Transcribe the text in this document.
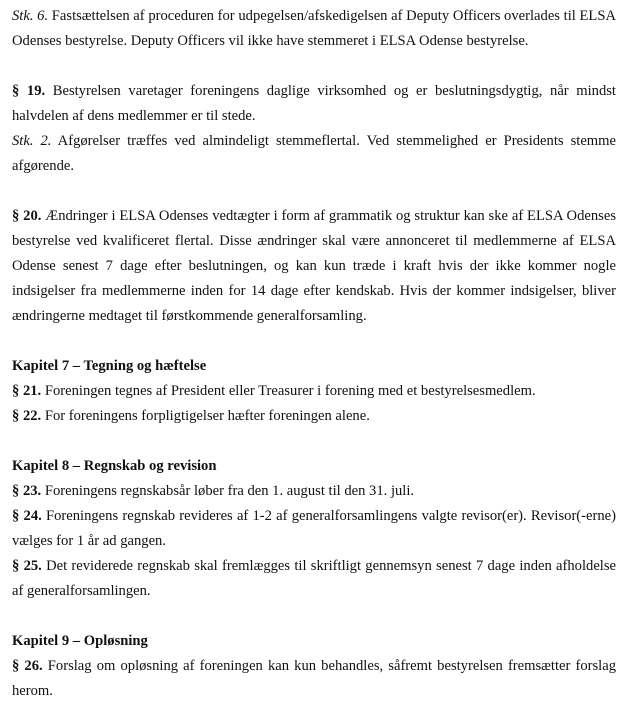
Stk. 6. Fastsættelsen af proceduren for udpegelsen/afskedigelsen af Deputy Officers overlades til ELSA Odenses bestyrelse. Deputy Officers vil ikke have stemmeret i ELSA Odense bestyrelse.

§ 19. Bestyrelsen varetager foreningens daglige virksomhed og er beslutningsdygtig, når mindst halvdelen af dens medlemmer er til stede.

Stk. 2. Afgørelser træffes ved almindeligt stemmeflertal. Ved stemmelighed er Presidents stemme afgørende.

§ 20. Ændringer i ELSA Odenses vedtægter i form af grammatik og struktur kan ske af ELSA Odenses bestyrelse ved kvalificeret flertal. Disse ændringer skal være annonceret til medlemmerne af ELSA Odense senest 7 dage efter beslutningen, og kan kun træde i kraft hvis der ikke kommer nogle indsigelser fra medlemmerne inden for 14 dage efter kendskab. Hvis der kommer indsigelser, bliver ændringerne medtaget til førstkommende generalforsamling.

Kapitel 7 – Tegning og hæftelse

§ 21. Foreningen tegnes af President eller Treasurer i forening med et bestyrelsesmedlem.

§ 22. For foreningens forpligtigelser hæfter foreningen alene.

Kapitel 8 – Regnskab og revision

§ 23. Foreningens regnskabsår løber fra den 1. august til den 31. juli.

§ 24. Foreningens regnskab revideres af 1-2 af generalforsamlingens valgte revisor(er). Revisor(-erne) vælges for 1 år ad gangen.

§ 25. Det reviderede regnskab skal fremlægges til skriftligt gennemsyn senest 7 dage inden afholdelse af generalforsamlingen.

Kapitel 9 – Opløsning

§ 26. Forslag om opløsning af foreningen kan kun behandles, såfremt bestyrelsen fremsætter forslag herom.
